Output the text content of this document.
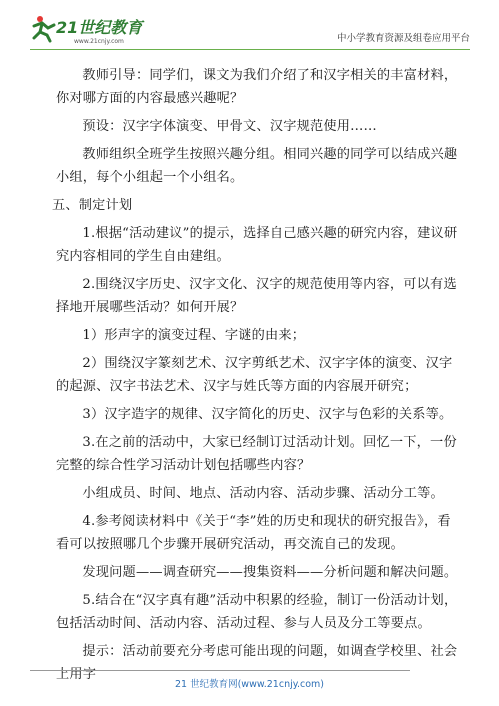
21世纪教育
www.21cnjy.com	中小学教育资源及组卷应用平台

教师引导：同学们，课文为我们介绍了和汉字相关的丰富材料，你对哪方面的内容最感兴趣呢？

预设：汉字字体演变、甲骨文、汉字规范使用……

教师组织全班学生按照兴趣分组。相同兴趣的同学可以结成兴趣小组，每个小组起一个小组名。

五、制定计划

1.根据“活动建议”的提示，选择自己感兴趣的研究内容，建议研究内容相同的学生自由建组。

2.围绕汉字历史、汉字文化、汉字的规范使用等内容，可以有选择地开展哪些活动？如何开展？

1）形声字的演变过程、字谜的由来；

2）围绕汉字篆刻艺术、汉字剪纸艺术、汉字字体的演变、汉字的起源、汉字书法艺术、汉字与姓氏等方面的内容展开研究；

3）汉字造字的规律、汉字简化的历史、汉字与色彩的关系等。

3.在之前的活动中，大家已经制订过活动计划。回忆一下，一份完整的综合性学习活动计划包括哪些内容？

小组成员、时间、地点、活动内容、活动步骤、活动分工等。

4.参考阅读材料中《关于“李”姓的历史和现状的研究报告》，看看可以按照哪几个步骤开展研究活动，再交流自己的发现。

发现问题——调查研究——搜集资料——分析问题和解决问题。

5.结合在“汉字真有趣”活动中积累的经验，制订一份活动计划，包括活动时间、活动内容、活动过程、参与人员及分工等要点。

提示：活动前要充分考虑可能出现的问题，如调查学校里、社会上用字

21 世纪教育网(www.21cnjy.com)
